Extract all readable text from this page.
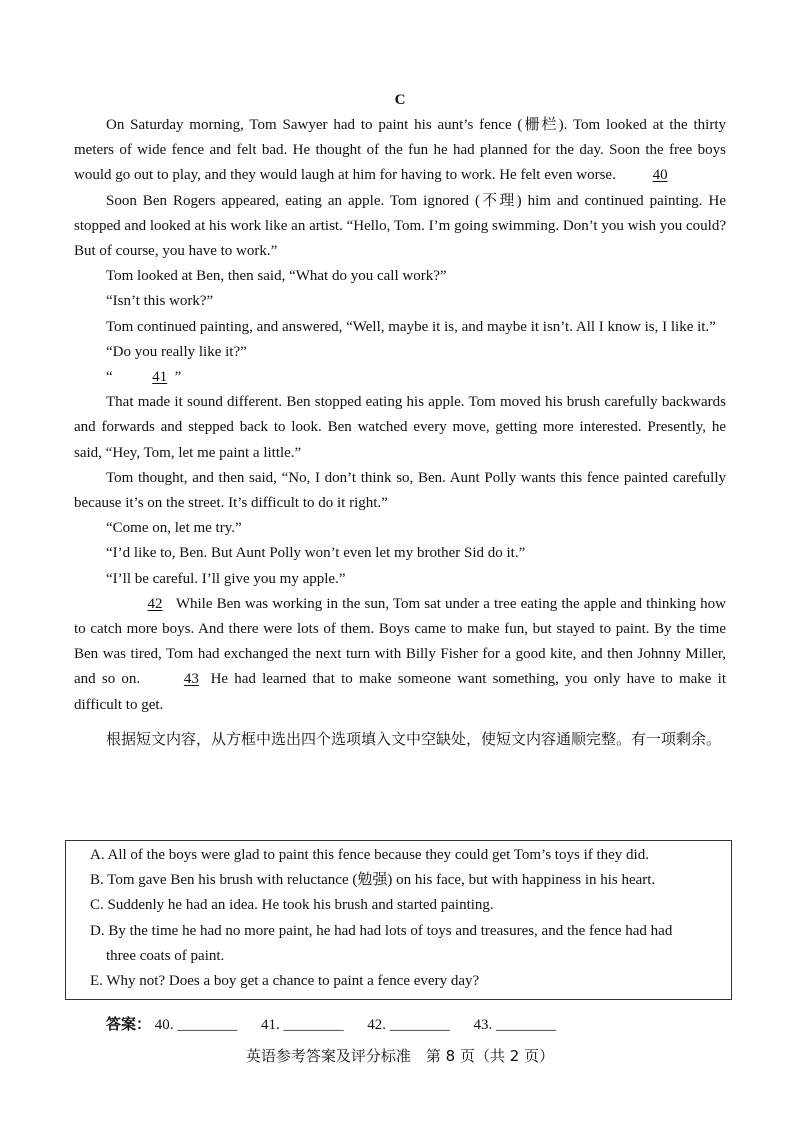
C

On Saturday morning, Tom Sawyer had to paint his aunt’s fence (栅栏). Tom looked at the thirty meters of wide fence and felt bad. He thought of the fun he had planned for the day. Soon the free boys would go out to play, and they would laugh at him for having to work. He felt even worse. 40

Soon Ben Rogers appeared, eating an apple. Tom ignored (不理) him and continued painting. He stopped and looked at his work like an artist. “Hello, Tom. I’m going swimming. Don’t you wish you could? But of course, you have to work.”

Tom looked at Ben, then said, “What do you call work?”

“Isn’t this work?”

Tom continued painting, and answered, “Well, maybe it is, and maybe it isn’t. All I know is, I like it.”

“Do you really like it?”

“	41 ”

That made it sound different. Ben stopped eating his apple. Tom moved his brush carefully backwards and forwards and stepped back to look. Ben watched every move, getting more interested. Presently, he said, “Hey, Tom, let me paint a little.”

Tom thought, and then said, “No, I don’t think so, Ben. Aunt Polly wants this fence painted carefully because it’s on the street. It’s difficult to do it right.”

“Come on, let me try.”

“I’d like to, Ben. But Aunt Polly won’t even let my brother Sid do it.”

“I’ll be careful. I’ll give you my apple.”

42 While Ben was working in the sun, Tom sat under a tree eating the apple and thinking how to catch more boys. And there were lots of them. Boys came to make fun, but stayed to paint. By the time Ben was tired, Tom had exchanged the next turn with Billy Fisher for a good kite, and then Johnny Miller, and so on.	43 He had learned that to make someone want something, you only have to make it difficult to get.

根据短文内容，从方框中选出四个选项填入文中空缺处，使短文内容通顺完整。有一项剩余。

A. All of the boys were glad to paint this fence because they could get Tom’s toys if they did.

B. Tom gave Ben his brush with reluctance (勉强) on his face, but with happiness in his heart.

C. Suddenly he had an idea. He took his brush and started painting.

D. By the time he had no more paint, he had had lots of toys and treasures, and the fence had had

three coats of paint.

E. Why not? Does a boy get a chance to paint a fence every day?

答案： 40. ________ 41. ________ 42. ________ 43. ________
英语参考答案及评分标准　第 8 页（共 2 页）
